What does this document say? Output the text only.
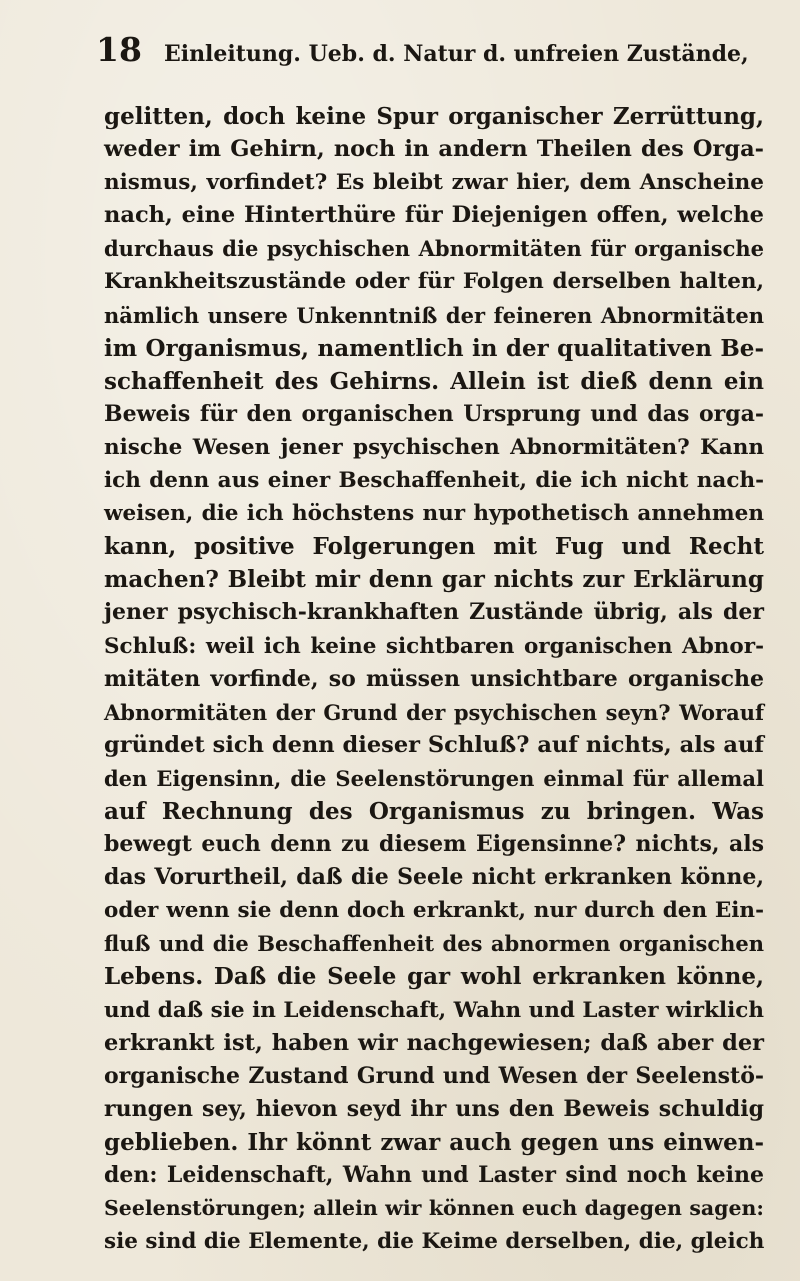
18 Einleitung. Ueb. d. Natur d. unfreien Zustände,
gelitten, doch keine Spur organischer Zerrüttung,
weder im Gehirn, noch in andern Theilen des Orga-
nismus, vorfindet? Es bleibt zwar hier, dem Anscheine
nach, eine Hinterthüre für Diejenigen offen, welche
durchaus die psychischen Abnormitäten für organische
Krankheitszustände oder für Folgen derselben halten,
nämlich unsere Unkenntniß der feineren Abnormitäten
im Organismus, namentlich in der qualitativen Be-
schaffenheit des Gehirns. Allein ist dieß denn ein
Beweis für den organischen Ursprung und das orga-
nische Wesen jener psychischen Abnormitäten? Kann
ich denn aus einer Beschaffenheit, die ich nicht nach-
weisen, die ich höchstens nur hypothetisch annehmen
kann, positive Folgerungen mit Fug und Recht
machen? Bleibt mir denn gar nichts zur Erklärung
jener psychisch-krankhaften Zustände übrig, als der
Schluß: weil ich keine sichtbaren organischen Abnor-
mitäten vorfinde, so müssen unsichtbare organische
Abnormitäten der Grund der psychischen seyn? Worauf
gründet sich denn dieser Schluß? auf nichts, als auf
den Eigensinn, die Seelenstörungen einmal für allemal
auf Rechnung des Organismus zu bringen. Was
bewegt euch denn zu diesem Eigensinne? nichts, als
das Vorurtheil, daß die Seele nicht erkranken könne,
oder wenn sie denn doch erkrankt, nur durch den Ein-
fluß und die Beschaffenheit des abnormen organischen
Lebens. Daß die Seele gar wohl erkranken könne,
und daß sie in Leidenschaft, Wahn und Laster wirklich
erkrankt ist, haben wir nachgewiesen; daß aber der
organische Zustand Grund und Wesen der Seelenstö-
rungen sey, hievon seyd ihr uns den Beweis schuldig
geblieben. Ihr könnt zwar auch gegen uns einwen-
den: Leidenschaft, Wahn und Laster sind noch keine
Seelenstörungen; allein wir können euch dagegen sagen:
sie sind die Elemente, die Keime derselben, die, gleich
